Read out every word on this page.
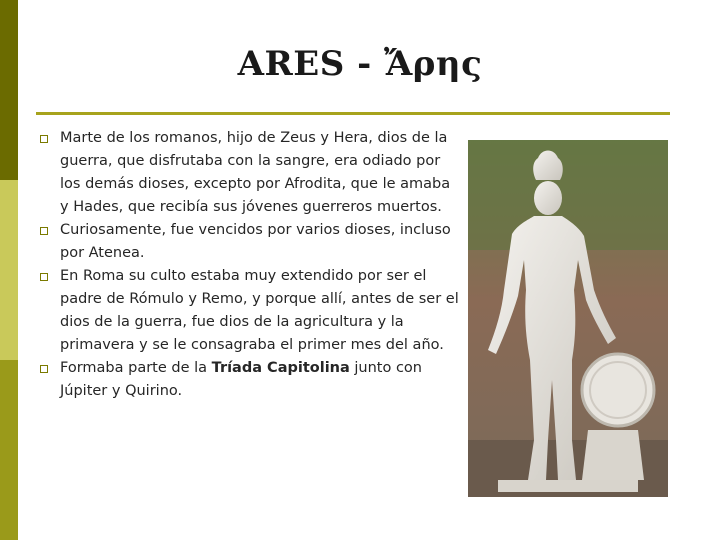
ARES - Ἄρης
Marte de los romanos, hijo de Zeus y Hera, dios de la guerra, que disfrutaba con la sangre, era odiado por los demás dioses, excepto por Afrodita, que le amaba y Hades, que recibía sus jóvenes guerreros muertos.
Curiosamente, fue vencidos por varios dioses, incluso por Atenea.
En Roma su culto estaba muy extendido por ser el padre de Rómulo y Remo, y porque allí, antes de ser el dios de la guerra, fue dios de la agricultura y la primavera y se le consagraba el primer mes del año.
Formaba parte de la Tríada Capitolina junto con Júpiter y Quirino.
